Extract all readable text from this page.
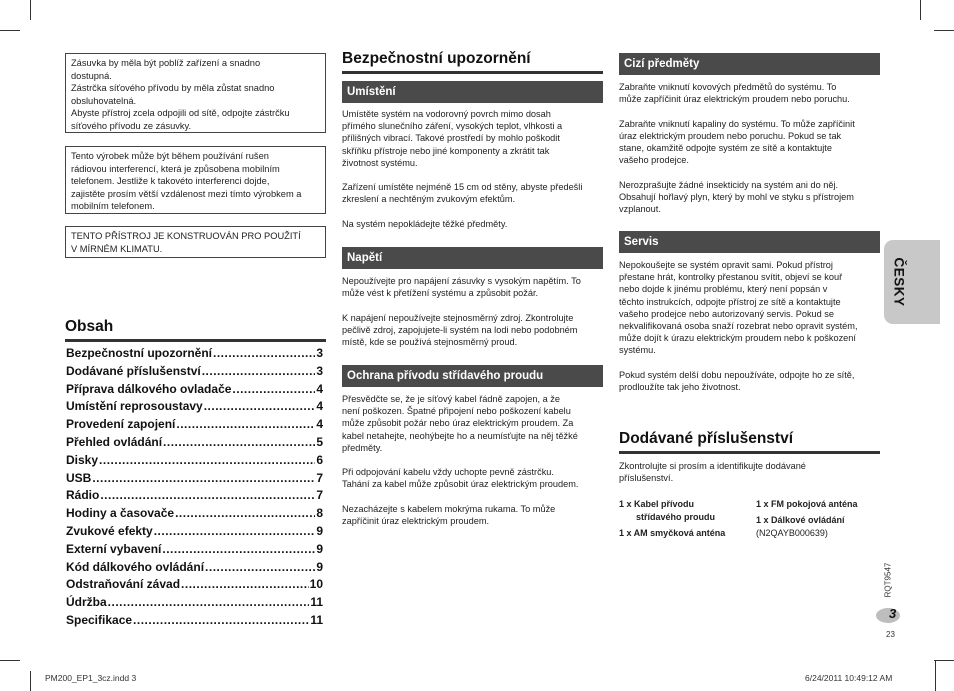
Zásuvka by měla být poblíž zařízení a snadno
dostupná.
Zástrčka síťového přívodu by měla zůstat snadno
obsluhovatelná.
Abyste přístroj zcela odpojili od sítě, odpojte zástrčku
síťového přívodu ze zásuvky.

Tento výrobek může být během používání rušen
rádiovou interferencí, která je způsobena mobilním
telefonem. Jestliže k takovéto interferenci dojde,
zajistěte prosím větší vzdálenost mezi tímto výrobkem a
mobilním telefonem.

TENTO PŘÍSTROJ JE KONSTRUOVÁN PRO POUŽITÍ
V MÍRNÉM KLIMATU.

Obsah
Bezpečnostní upozornění .....	3
Dodávané příslušenství .....	3
Příprava dálkového ovladače .....	4
Umístění reprosoustavy .....	4
Provedení zapojení .....	4
Přehled ovládání .....	5
Disky .....	6
USB .....	7
Rádio .....	7
Hodiny a časovače .....	8
Zvukové efekty .....	9
Externí vybavení .....	9
Kód dálkového ovládání .....	9
Odstraňování závad .....	10
Údržba .....	11
Specifikace .....	11
Bezpečnostní upozornění
Umístění
Umístěte systém na vodorovný povrch mimo dosah
přímého slunečního záření, vysokých teplot, vlhkosti a
přílišných vibrací. Takové prostředí by mohlo poškodit
skříňku přístroje nebo jiné komponenty a zkrátit tak
životnost systému.

Zařízení umístěte nejméně 15 cm od stěny, abyste předešli
zkreslení a nechtěným zvukovým efektům.

Na systém nepokládejte těžké předměty.
Napětí
Nepoužívejte pro napájení zásuvky s vysokým napětím. To
může vést k přetížení systému a způsobit požár.

K napájení nepoužívejte stejnosměrný zdroj. Zkontrolujte
pečlivě zdroj, zapojujete-li systém na lodi nebo podobném
místě, kde se používá stejnosměrný proud.
Ochrana přívodu střídavého proudu
Přesvědčte se, že je síťový kabel řádně zapojen, a že
není poškozen. Špatné připojení nebo poškození kabelu
může způsobit požár nebo úraz elektrickým proudem. Za
kabel netahejte, neohýbejte ho a neumísťujte na něj těžké
předměty.

Při odpojování kabelu vždy uchopte pevně zástrčku.
Tahání za kabel může způsobit úraz elektrickým proudem.

Nezacházejte s kabelem mokrýma rukama. To může
zapříčinit úraz elektrickým proudem.
Cizí předměty
Zabraňte vniknutí kovových předmětů do systému. To
může zapříčinit úraz elektrickým proudem nebo poruchu.

Zabraňte vniknutí kapaliny do systému. To může zapříčinit
úraz elektrickým proudem nebo poruchu. Pokud se tak
stane, okamžitě odpojte systém ze sítě a kontaktujte
vašeho prodejce.

Nerozprašujte žádné insekticidy na systém ani do něj.
Obsahují hořlavý plyn, který by mohl ve styku s přístrojem
vzplanout.
Servis
Nepokoušejte se systém opravit sami. Pokud přístroj
přestane hrát, kontrolky přestanou svítit, objeví se kouř
nebo dojde k jinému problému, který není popsán v
těchto instrukcích, odpojte přístroj ze sítě a kontaktujte
vašeho prodejce nebo autorizovaný servis. Pokud se
nekvalifikovaná osoba snaží rozebrat nebo opravit systém,
může dojít k úrazu elektrickým proudem nebo k poškození
systému.

Pokud systém delší dobu nepoužíváte, odpojte ho ze sítě,
prodloužíte tak jeho životnost.
Dodávané příslušenství
Zkontrolujte si prosím a identifikujte dodávané
příslušenství.
1 x Kabel přívodu
střídavého proudu
1 x AM smyčková anténa
1 x FM pokojová anténa
1 x Dálkové ovládání
(N2QAYB000639)
ČESKY
RQT9547
3
23
PM200_EP1_3cz.indd 3	6/24/2011 10:49:12 AM
